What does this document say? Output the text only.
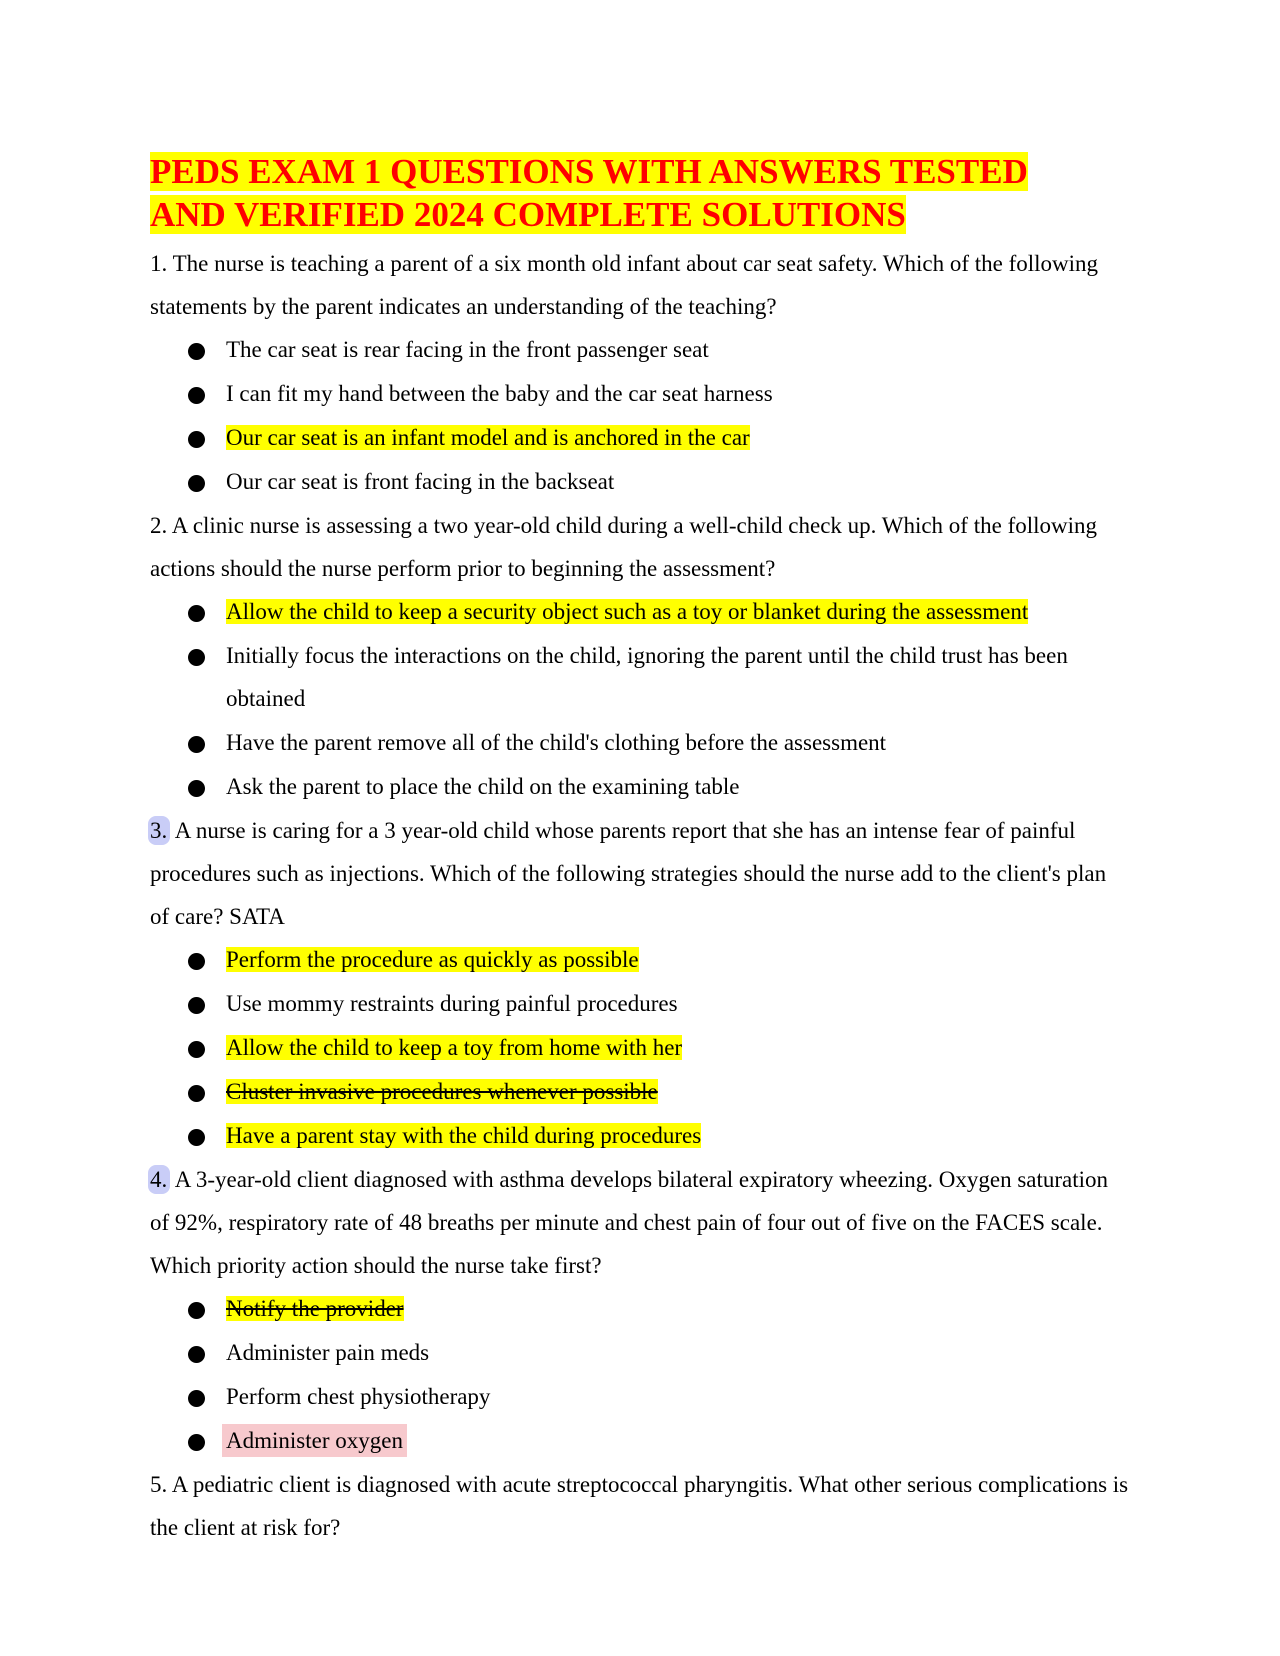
PEDS EXAM 1 QUESTIONS WITH ANSWERS TESTED
AND VERIFIED 2024 COMPLETE SOLUTIONS

1. The nurse is teaching a parent of a six month old infant about car seat safety. Which of the following statements by the parent indicates an understanding of the teaching?

The car seat is rear facing in the front passenger seat
I can fit my hand between the baby and the car seat harness
Our car seat is an infant model and is anchored in the car
Our car seat is front facing in the backseat

2. A clinic nurse is assessing a two year-old child during a well-child check up. Which of the following actions should the nurse perform prior to beginning the assessment?

Allow the child to keep a security object such as a toy or blanket during the assessment
Initially focus the interactions on the child, ignoring the parent until the child trust has been obtained
Have the parent remove all of the child's clothing before the assessment
Ask the parent to place the child on the examining table

3. A nurse is caring for a 3 year-old child whose parents report that she has an intense fear of painful procedures such as injections. Which of the following strategies should the nurse add to the client's plan of care? SATA

Perform the procedure as quickly as possible
Use mommy restraints during painful procedures
Allow the child to keep a toy from home with her
Cluster invasive procedures whenever possible
Have a parent stay with the child during procedures

4. A 3-year-old client diagnosed with asthma develops bilateral expiratory wheezing. Oxygen saturation of 92%, respiratory rate of 48 breaths per minute and chest pain of four out of five on the FACES scale. Which priority action should the nurse take first?

Notify the provider
Administer pain meds
Perform chest physiotherapy
Administer oxygen

5. A pediatric client is diagnosed with acute streptococcal pharyngitis. What other serious complications is the client at risk for?
